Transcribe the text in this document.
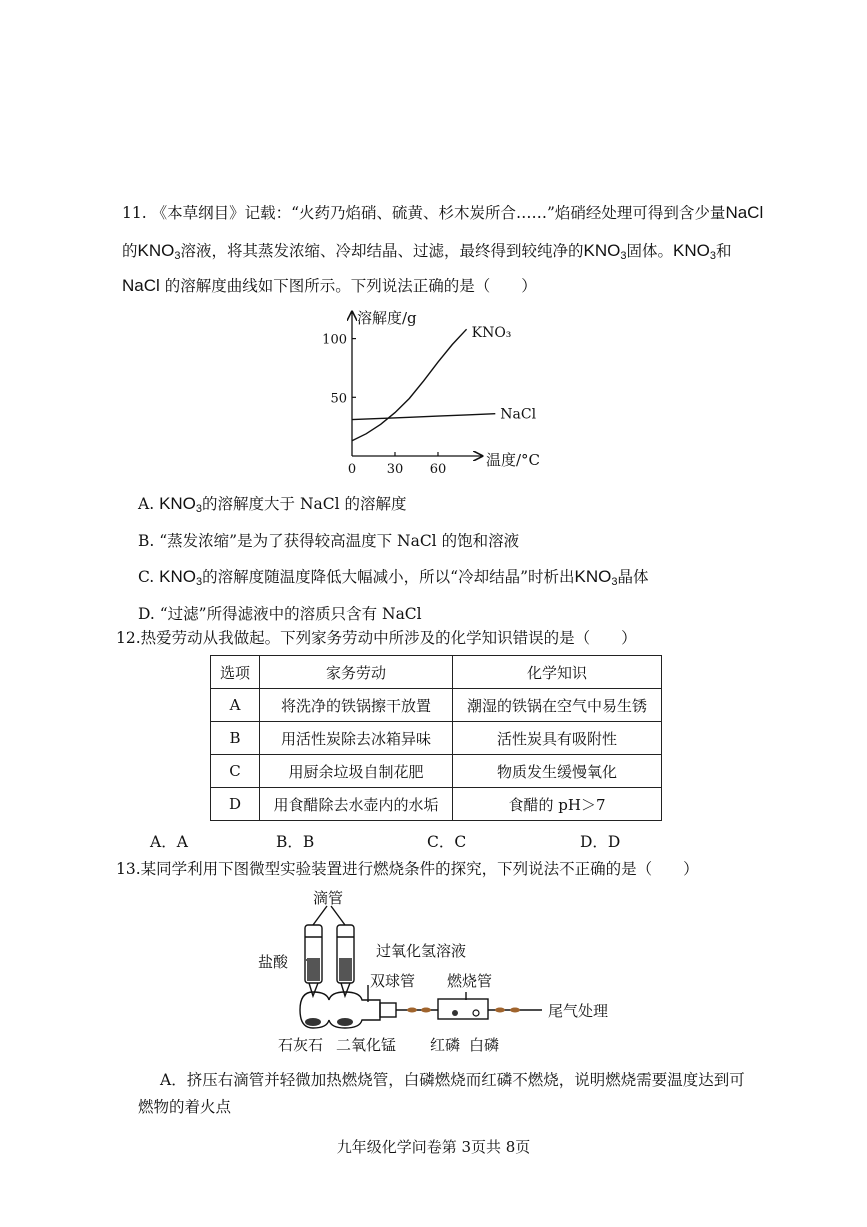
11. 《本草纲目》记载：“火药乃焰硝、硫黄、杉木炭所合……”焰硝经处理可得到含少量NaCl
的$KNO_3$溶液，将其蒸发浓缩、冷却结晶、过滤，最终得到较纯净的$KNO_3$固体。$KNO_3$和
NaCl 的溶解度曲线如下图所示。下列说法正确的是（　　）
溶解度/g
温度/°C
0 30 60
50
100	KNO₃
NaCl
A. $KNO_3$的溶解度大于 NaCl 的溶解度
B. “蒸发浓缩”是为了获得较高温度下 NaCl 的饱和溶液
C. $KNO_3$的溶解度随温度降低大幅减小，所以“冷却结晶”时析出$KNO_3$晶体
D. “过滤”所得滤液中的溶质只含有 NaCl
12.热爱劳动从我做起。下列家务劳动中所涉及的化学知识错误的是（　　）
选项	家务劳动	化学知识
A	将洗净的铁锅擦干放置	潮湿的铁锅在空气中易生锈
B	用活性炭除去冰箱异味	活性炭具有吸附性
C	用厨余垃圾自制花肥	物质发生缓慢氧化
D	用食醋除去水壶内的水垢	食醋的 pH＞7
A．A	B．B	C．C	D．D
13.某同学利用下图微型实验装置进行燃烧条件的探究，下列说法不正确的是（　　）
滴管
盐酸
过氧化氢溶液
双球管 燃烧管
尾气处理
石灰石 二氧化锰 红磷 白磷
A．挤压右滴管并轻微加热燃烧管，白磷燃烧而红磷不燃烧，说明燃烧需要温度达到可
燃物的着火点
九年级化学问卷第 3页共 8页
